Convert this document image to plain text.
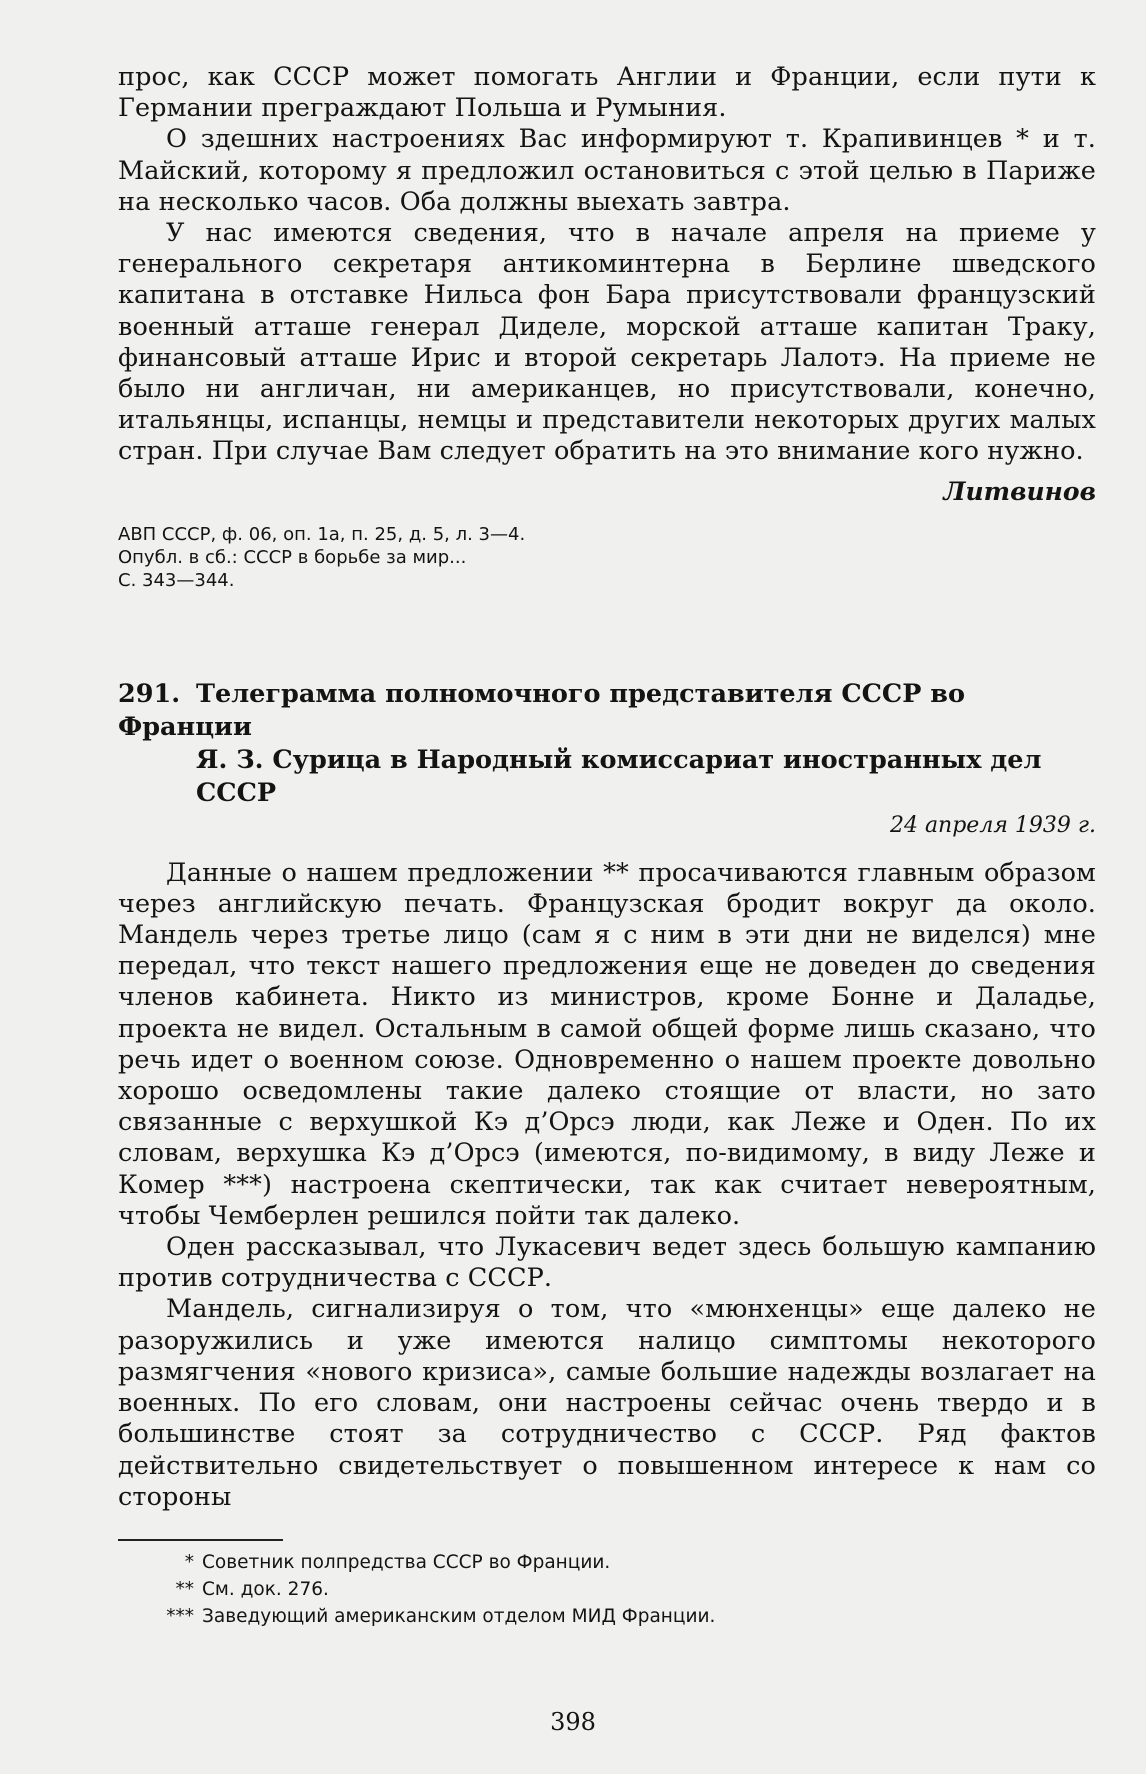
прос, как СССР может помогать Англии и Франции, если пути к Германии преграждают Польша и Румыния.

О здешних настроениях Вас информируют т. Крапивинцев * и т. Майский, которому я предложил остановиться с этой целью в Париже на несколько часов. Оба должны выехать завтра.

У нас имеются сведения, что в начале апреля на приеме у генерального секретаря антикоминтерна в Берлине шведского капитана в отставке Нильса фон Бара присутствовали французский военный атташе генерал Диделе, морской атташе капитан Траку, финансовый атташе Ирис и второй секретарь Лалотэ. На приеме не было ни англичан, ни американцев, но присутствовали, конечно, итальянцы, испанцы, немцы и представители некоторых других малых стран. При случае Вам следует обратить на это внимание кого нужно.

Литвинов
АВП СССР, ф. 06, оп. 1а, п. 25, д. 5, л. 3—4.
Опубл. в сб.: СССР в борьбе за мир...
С. 343—344.
291. Телеграмма полномочного представителя СССР во Франции
Я. З. Сурица в Народный комиссариат иностранных дел СССР
24 апреля 1939 г.

Данные о нашем предложении ** просачиваются главным образом через английскую печать. Французская бродит вокруг да около. Мандель через третье лицо (сам я с ним в эти дни не виделся) мне передал, что текст нашего предложения еще не доведен до сведения членов кабинета. Никто из министров, кроме Бонне и Даладье, проекта не видел. Остальным в самой общей форме лишь сказано, что речь идет о военном союзе. Одновременно о нашем проекте довольно хорошо осведомлены такие далеко стоящие от власти, но зато связанные с верхушкой Кэ д’Орсэ люди, как Леже и Оден. По их словам, верхушка Кэ д’Орсэ (имеются, по-видимому, в виду Леже и Комер ***) настроена скептически, так как считает невероятным, чтобы Чемберлен решился пойти так далеко.

Оден рассказывал, что Лукасевич ведет здесь большую кампанию против сотрудничества с СССР.

Мандель, сигнализируя о том, что «мюнхенцы» еще далеко не разоружились и уже имеются налицо симптомы некоторого размягчения «нового кризиса», самые большие надежды возлагает на военных. По его словам, они настроены сейчас очень твердо и в большинстве стоят за сотрудничество с СССР. Ряд фактов действительно свидетельствует о повышенном интересе к нам со стороны

* Советник полпредства СССР во Франции.
** См. док. 276.
*** Заведующий американским отделом МИД Франции.
398
